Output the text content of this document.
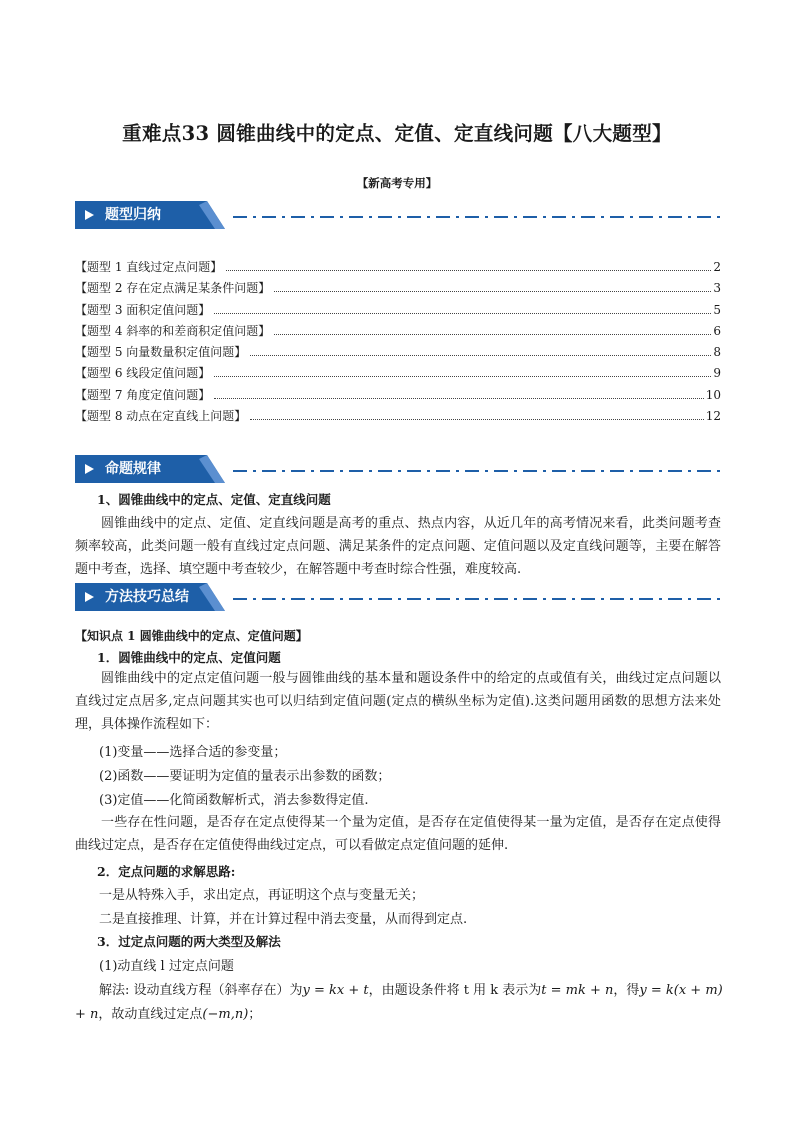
重难点33 圆锥曲线中的定点、定值、定直线问题【八大题型】
【新高考专用】
题型归纳
【题型 1 直线过定点问题】	2
【题型 2 存在定点满足某条件问题】	3
【题型 3 面积定值问题】	5
【题型 4 斜率的和差商积定值问题】	6
【题型 5 向量数量积定值问题】	8
【题型 6 线段定值问题】	9
【题型 7 角度定值问题】	10
【题型 8 动点在定直线上问题】	12
命题规律
1、圆锥曲线中的定点、定值、定直线问题
圆锥曲线中的定点、定值、定直线问题是高考的重点、热点内容，从近几年的高考情况来看，此类问题考查频率较高，此类问题一般有直线过定点问题、满足某条件的定点问题、定值问题以及定直线问题等，主要在解答题中考查，选择、填空题中考查较少，在解答题中考查时综合性强，难度较高.
方法技巧总结
【知识点 1 圆锥曲线中的定点、定值问题】
1．圆锥曲线中的定点、定值问题
圆锥曲线中的定点定值问题一般与圆锥曲线的基本量和题设条件中的给定的点或值有关，曲线过定点问题以直线过定点居多,定点问题其实也可以归结到定值问题(定点的横纵坐标为定值).这类问题用函数的思想方法来处理，具体操作流程如下：
(1)变量——选择合适的参变量；
(2)函数——要证明为定值的量表示出参数的函数；
(3)定值——化简函数解析式，消去参数得定值.
一些存在性问题，是否存在定点使得某一个量为定值，是否存在定值使得某一量为定值，是否存在定点使得曲线过定点，是否存在定值使得曲线过定点，可以看做定点定值问题的延伸.
2．定点问题的求解思路:
一是从特殊入手，求出定点，再证明这个点与变量无关；
二是直接推理、计算，并在计算过程中消去变量，从而得到定点.
3．过定点问题的两大类型及解法
(1)动直线 l 过定点问题
解法: 设动直线方程（斜率存在）为y = kx + t，由题设条件将 t 用 k 表示为t = mk + n，得y = k(x + m)
+ n，故动直线过定点(−m,n)；
